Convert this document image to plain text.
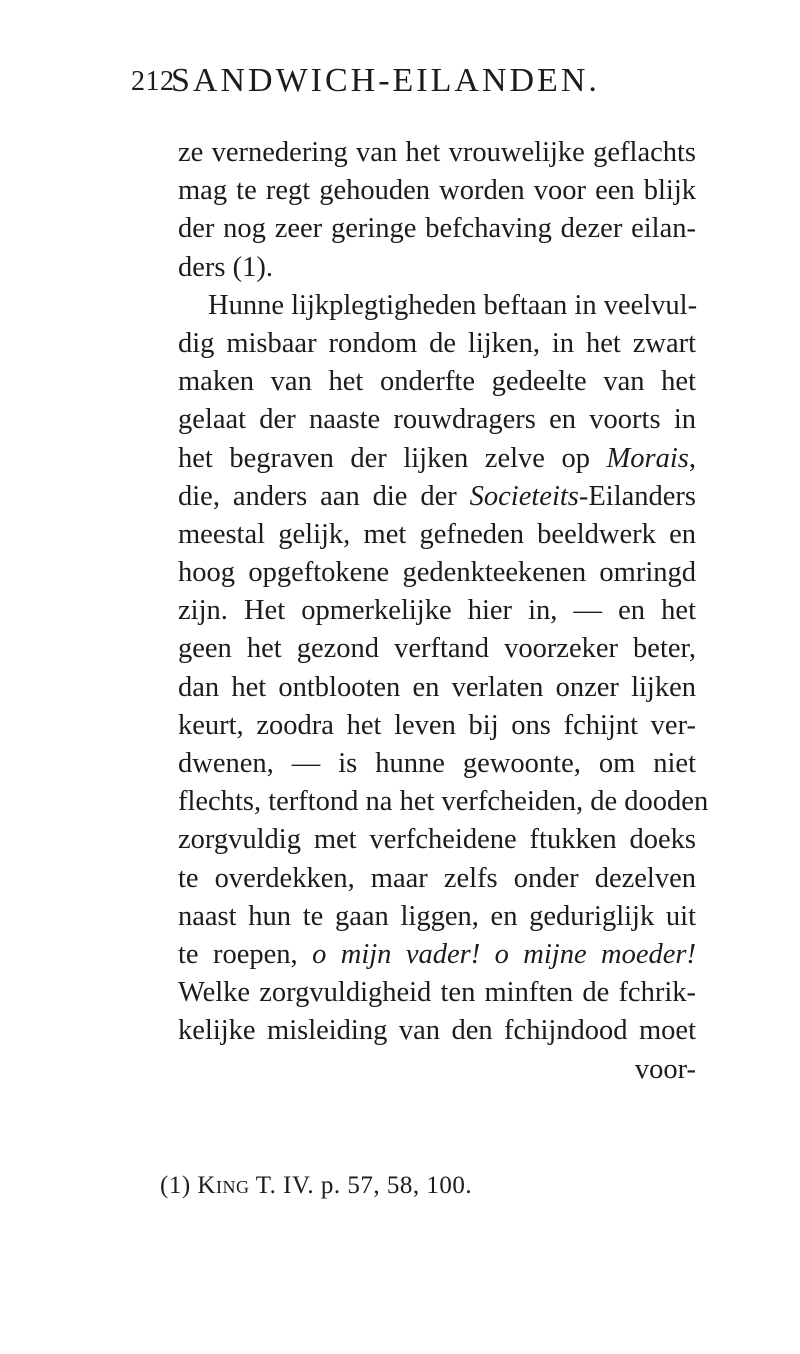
212
SANDWICH-EILANDEN.
ze vernedering van het vrouwelijke geflachts
mag te regt gehouden worden voor een blijk
der nog zeer geringe befchaving dezer eilan-
ders (1).
Hunne lijkplegtigheden beftaan in veelvul-
dig misbaar rondom de lijken, in het zwart
maken van het onderfte gedeelte van het
gelaat der naaste rouwdragers en voorts in
het begraven der lijken zelve op Morais,
die, anders aan die der Societeits-Eilanders
meestal gelijk, met gefneden beeldwerk en
hoog opgeftokene gedenkteekenen omringd
zijn. Het opmerkelijke hier in, — en het
geen het gezond verftand voorzeker beter,
dan het ontblooten en verlaten onzer lijken
keurt, zoodra het leven bij ons fchijnt ver-
dwenen, — is hunne gewoonte, om niet
flechts, terftond na het verfcheiden, de dooden
zorgvuldig met verfcheidene ftukken doeks
te overdekken, maar zelfs onder dezelven
naast hun te gaan liggen, en geduriglijk uit
te roepen, o mijn vader! o mijne moeder!
Welke zorgvuldigheid ten minften de fchrik-
kelijke misleiding van den fchijndood moet
voor-
(1) King T. IV. p. 57, 58, 100.
